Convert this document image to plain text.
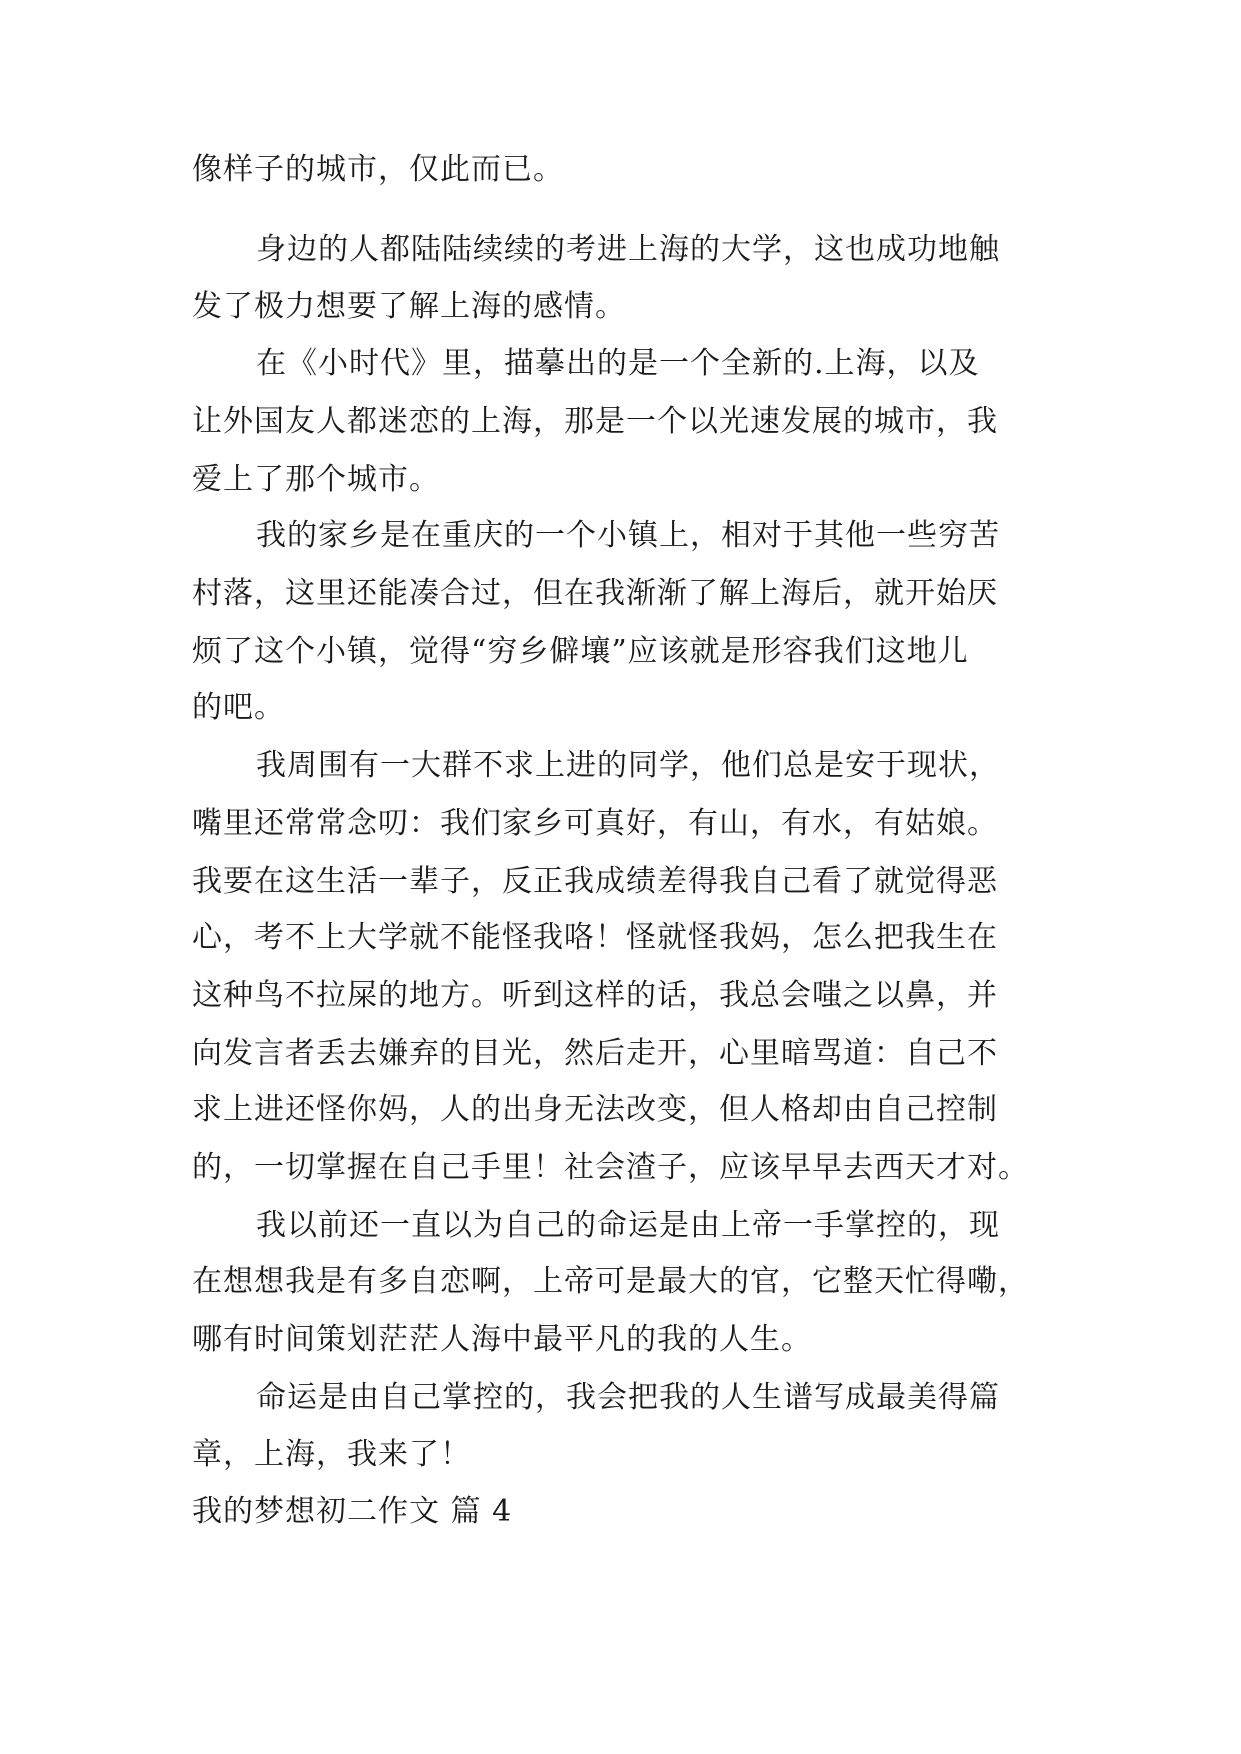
像样子的城市，仅此而已。
身边的人都陆陆续续的考进上海的大学，这也成功地触
发了极力想要了解上海的感情。
在《小时代》里，描摹出的是一个全新的.上海，以及
让外国友人都迷恋的上海，那是一个以光速发展的城市，我
爱上了那个城市。
我的家乡是在重庆的一个小镇上，相对于其他一些穷苦
村落，这里还能凑合过，但在我渐渐了解上海后，就开始厌
烦了这个小镇，觉得“穷乡僻壤”应该就是形容我们这地儿
的吧。
我周围有一大群不求上进的同学，他们总是安于现状，
嘴里还常常念叨：我们家乡可真好，有山，有水，有姑娘。
我要在这生活一辈子，反正我成绩差得我自己看了就觉得恶
心，考不上大学就不能怪我咯！怪就怪我妈，怎么把我生在
这种鸟不拉屎的地方。听到这样的话，我总会嗤之以鼻，并
向发言者丢去嫌弃的目光，然后走开，心里暗骂道：自己不
求上进还怪你妈，人的出身无法改变，但人格却由自己控制
的，一切掌握在自己手里！社会渣子，应该早早去西天才对。
我以前还一直以为自己的命运是由上帝一手掌控的，现
在想想我是有多自恋啊，上帝可是最大的官，它整天忙得嘞，
哪有时间策划茫茫人海中最平凡的我的人生。
命运是由自己掌控的，我会把我的人生谱写成最美得篇
章，上海，我来了！
我的梦想初二作文 篇 4
